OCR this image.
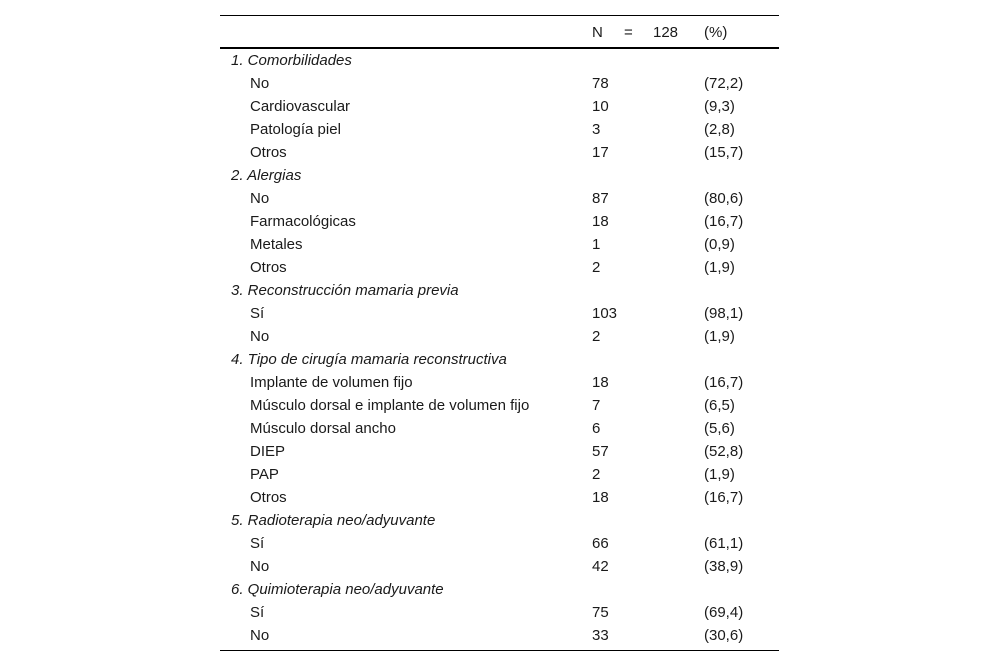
N = 128 (%)
1. Comorbilidades
No	78	(72,2)
Cardiovascular	10	(9,3)
Patología piel	3	(2,8)
Otros	17	(15,7)
2. Alergias
No	87	(80,6)
Farmacológicas	18	(16,7)
Metales	1	(0,9)
Otros	2	(1,9)
3. Reconstrucción mamaria previa
Sí	103	(98,1)
No	2	(1,9)
4. Tipo de cirugía mamaria reconstructiva
Implante de volumen fijo	18	(16,7)
Músculo dorsal e implante de volumen fijo	7	(6,5)
Músculo dorsal ancho	6	(5,6)
DIEP	57	(52,8)
PAP	2	(1,9)
Otros	18	(16,7)
5. Radioterapia neo/adyuvante
Sí	66	(61,1)
No	42	(38,9)
6. Quimioterapia neo/adyuvante
Sí	75	(69,4)
No	33	(30,6)
